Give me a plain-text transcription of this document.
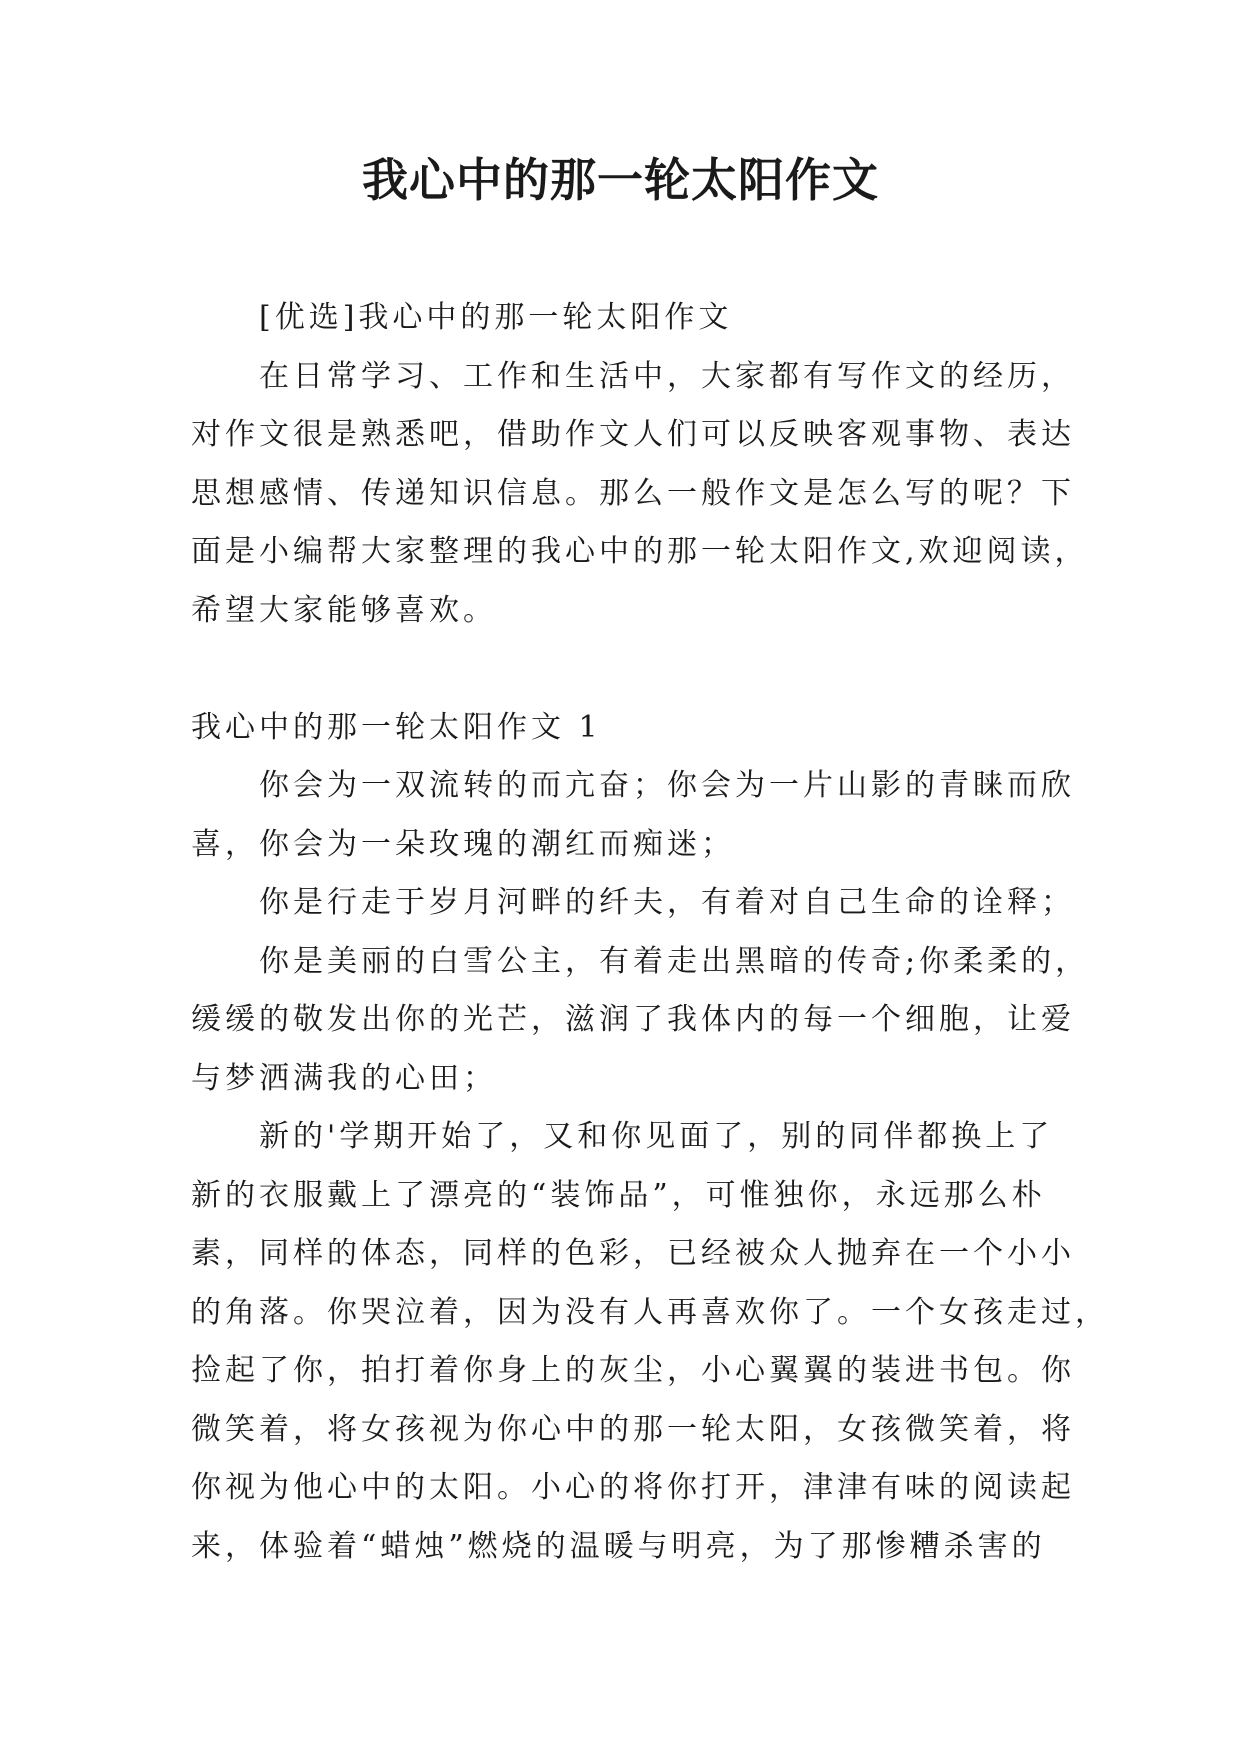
我心中的那一轮太阳作文
[优选]我心中的那一轮太阳作文
在日常学习、工作和生活中，大家都有写作文的经历，
对作文很是熟悉吧，借助作文人们可以反映客观事物、表达
思想感情、传递知识信息。那么一般作文是怎么写的呢？下
面是小编帮大家整理的我心中的那一轮太阳作文,欢迎阅读，
希望大家能够喜欢。
我心中的那一轮太阳作文 1
你会为一双流转的而亢奋；你会为一片山影的青睐而欣
喜，你会为一朵玫瑰的潮红而痴迷；
你是行走于岁月河畔的纤夫，有着对自己生命的诠释；
你是美丽的白雪公主，有着走出黑暗的传奇;你柔柔的，
缓缓的敬发出你的光芒，滋润了我体内的每一个细胞，让爱
与梦洒满我的心田；
新的'学期开始了，又和你见面了，别的同伴都换上了
新的衣服戴上了漂亮的“装饰品”，可惟独你，永远那么朴
素，同样的体态，同样的色彩，已经被众人抛弃在一个小小
的角落。你哭泣着，因为没有人再喜欢你了。一个女孩走过，
捡起了你，拍打着你身上的灰尘，小心翼翼的装进书包。你
微笑着，将女孩视为你心中的那一轮太阳，女孩微笑着，将
你视为他心中的太阳。小心的将你打开，津津有味的阅读起
来，体验着“蜡烛”燃烧的温暖与明亮，为了那惨糟杀害的
